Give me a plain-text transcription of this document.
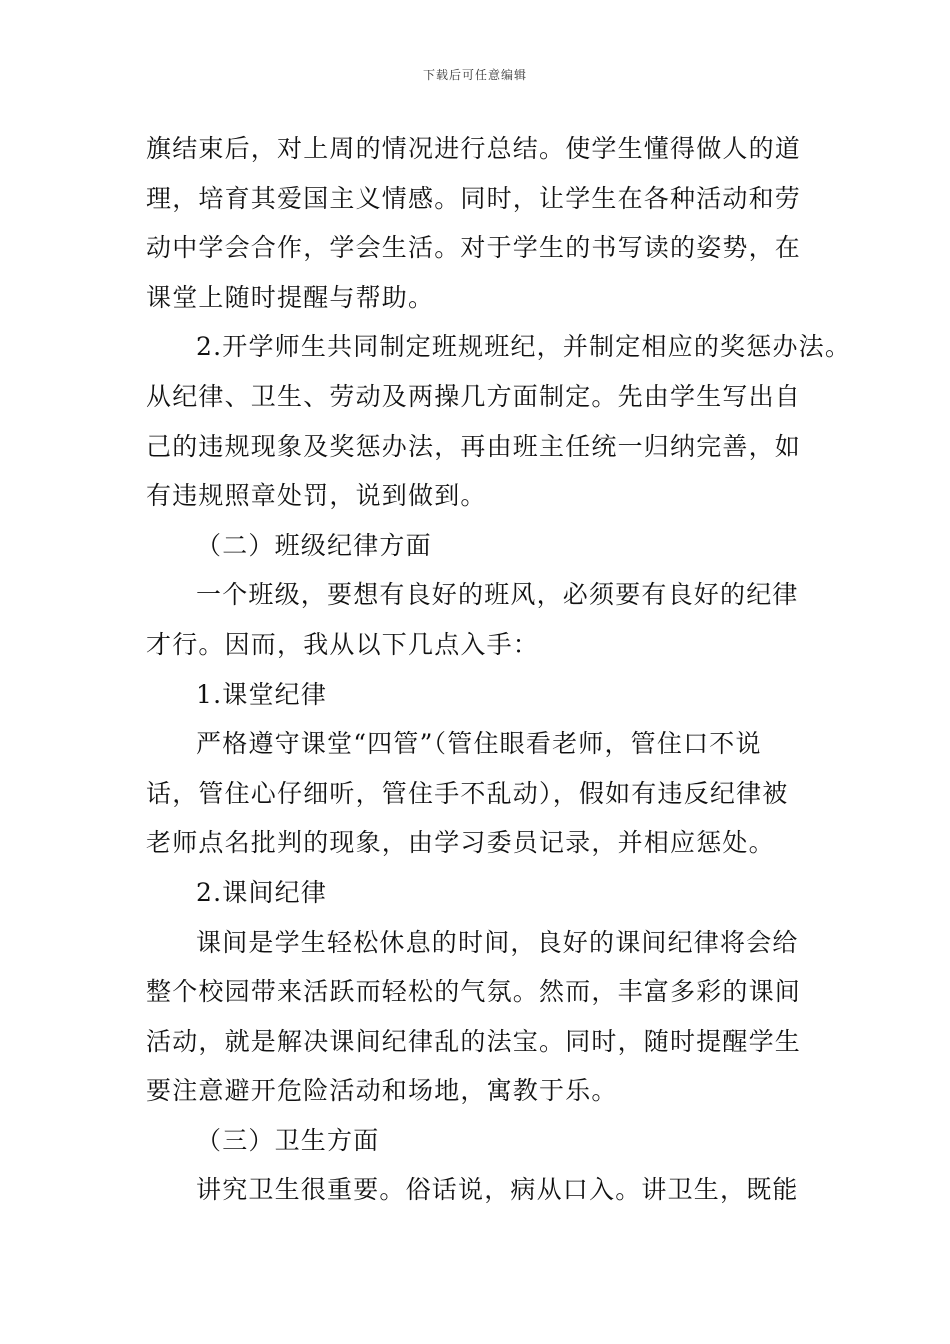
下载后可任意编辑
旗结束后，对上周的情况进行总结。使学生懂得做人的道
理，培育其爱国主义情感。同时，让学生在各种活动和劳
动中学会合作，学会生活。对于学生的书写读的姿势，在
课堂上随时提醒与帮助。
2.开学师生共同制定班规班纪，并制定相应的奖惩办法。
从纪律、卫生、劳动及两操几方面制定。先由学生写出自
己的违规现象及奖惩办法，再由班主任统一归纳完善，如
有违规照章处罚，说到做到。
（二）班级纪律方面
一个班级，要想有良好的班风，必须要有良好的纪律
才行。因而，我从以下几点入手：
1.课堂纪律
严格遵守课堂“四管”（管住眼看老师，管住口不说
话，管住心仔细听，管住手不乱动），假如有违反纪律被
老师点名批判的现象，由学习委员记录，并相应惩处。
2.课间纪律
课间是学生轻松休息的时间，良好的课间纪律将会给
整个校园带来活跃而轻松的气氛。然而，丰富多彩的课间
活动，就是解决课间纪律乱的法宝。同时，随时提醒学生
要注意避开危险活动和场地，寓教于乐。
（三）卫生方面
讲究卫生很重要。俗话说，病从口入。讲卫生，既能
